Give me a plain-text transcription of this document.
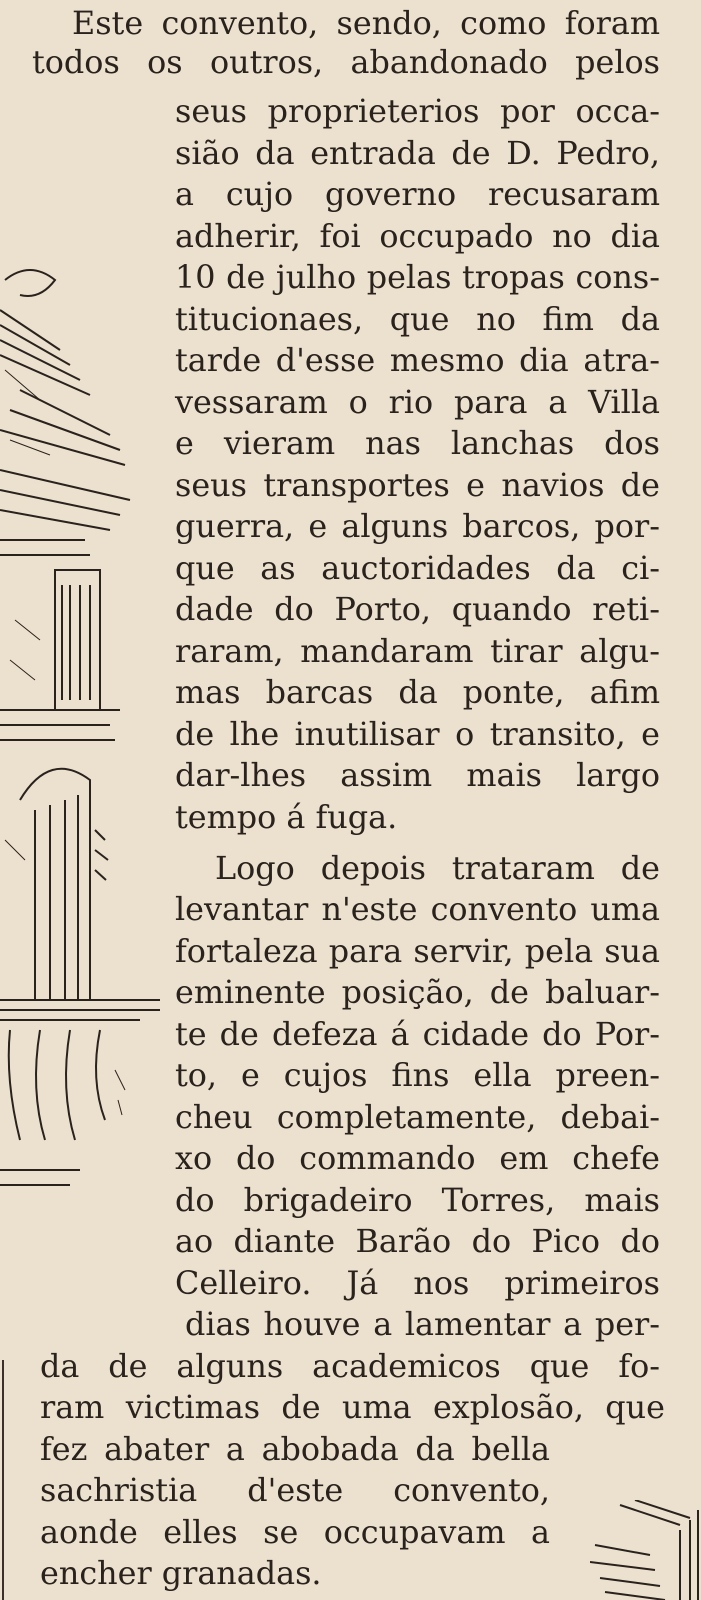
Este convento, sendo, como foram
todos os outros, abandonado pelos
seus proprieterios por occa-
sião da entrada de D. Pedro,
a cujo governo recusaram
adherir, foi occupado no dia
10 de julho pelas tropas cons-
titucionaes, que no fim da
tarde d'esse mesmo dia atra-
vessaram o rio para a Villa
e vieram nas lanchas dos
seus transportes e navios de
guerra, e alguns barcos, por-
que as auctoridades da ci-
dade do Porto, quando reti-
raram, mandaram tirar algu-
mas barcas da ponte, afim
de lhe inutilisar o transito, e
dar-lhes assim mais largo
tempo á fuga.
Logo depois trataram de
levantar n'este convento uma
fortaleza para servir, pela sua
eminente posição, de baluar-
te de defeza á cidade do Por-
to, e cujos fins ella preen-
cheu completamente, debai-
xo do commando em chefe
do brigadeiro Torres, mais
ao diante Barão do Pico do
Celleiro. Já nos primeiros
dias houve a lamentar a per-
da de alguns academicos que fo-
ram victimas de uma explosão, que
fez abater a abobada da bella
sachristia d'este convento,
aonde elles se occupavam a
encher granadas.
